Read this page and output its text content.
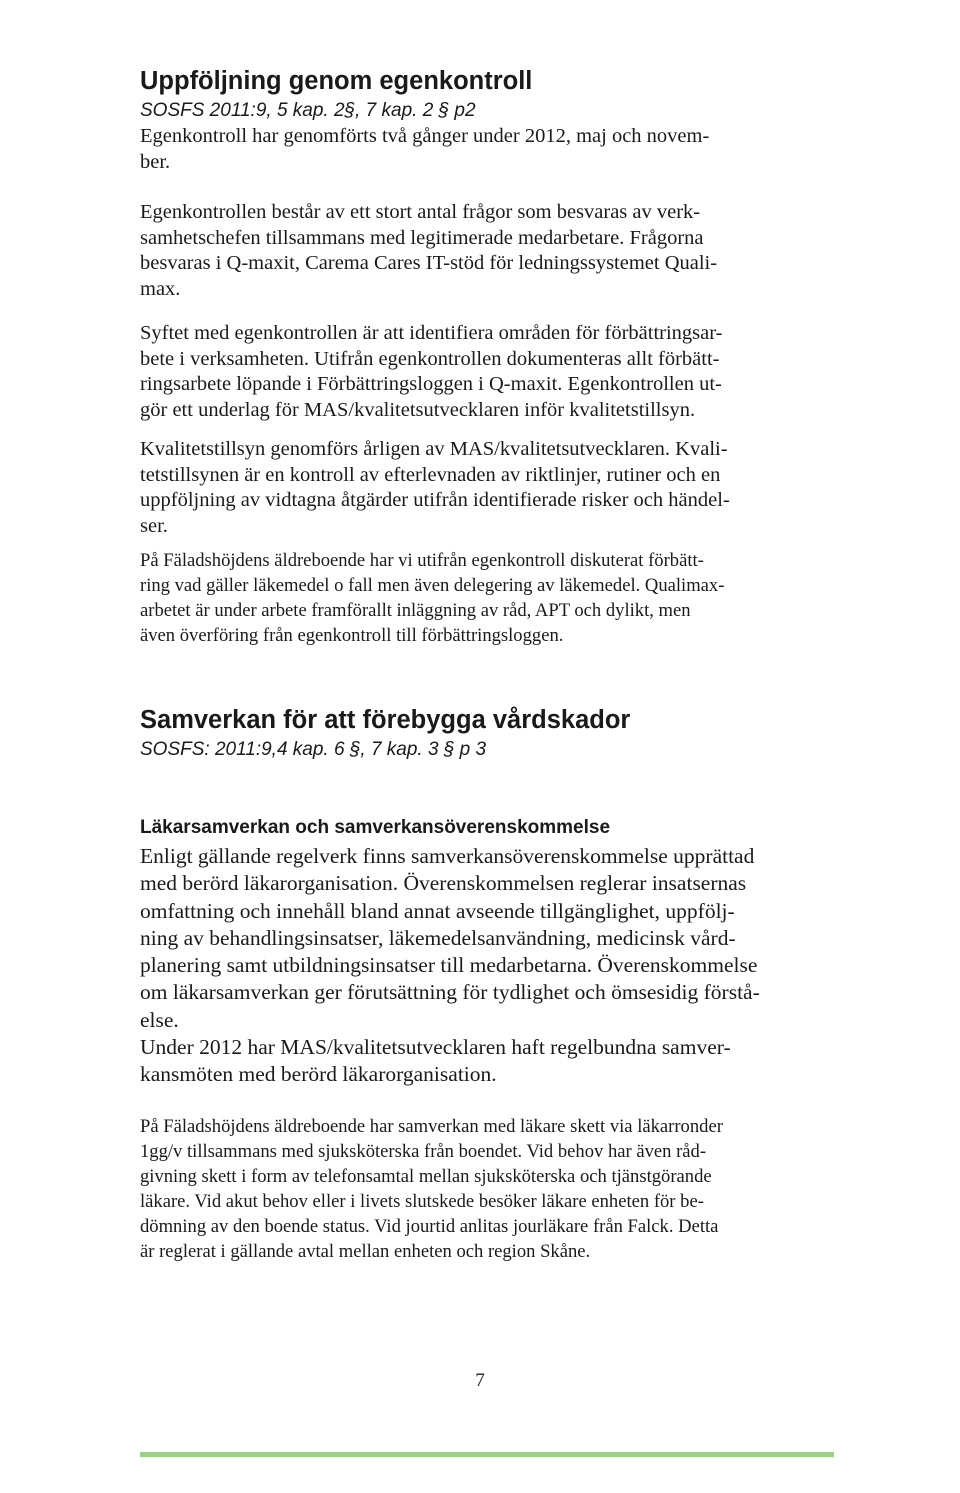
Uppföljning genom egenkontroll

SOSFS 2011:9, 5 kap. 2§, 7 kap. 2 § p2

Egenkontroll har genomförts två gånger under 2012, maj och novem-
ber.

Egenkontrollen består av ett stort antal frågor som besvaras av verk-
samhetschefen tillsammans med legitimerade medarbetare. Frågorna
besvaras i Q-maxit, Carema Cares IT-stöd för ledningssystemet Quali-
max.

Syftet med egenkontrollen är att identifiera områden för förbättringsar-
bete i verksamheten. Utifrån egenkontrollen dokumenteras allt förbätt-
ringsarbete löpande i Förbättringsloggen i Q-maxit. Egenkontrollen ut-
gör ett underlag för MAS/kvalitetsutvecklaren inför kvalitetstillsyn.

Kvalitetstillsyn genomförs årligen av MAS/kvalitetsutvecklaren. Kvali-
tetstillsynen är en kontroll av efterlevnaden av riktlinjer, rutiner och en
uppföljning av vidtagna åtgärder utifrån identifierade risker och händel-
ser.

På Fäladshöjdens äldreboende har vi utifrån egenkontroll diskuterat förbätt-
ring vad gäller läkemedel o fall men även delegering av läkemedel. Qualimax-
arbetet är under arbete framförallt inläggning av råd, APT och dylikt, men
även överföring från egenkontroll till förbättringsloggen.

Samverkan för att förebygga vårdskador

SOSFS: 2011:9,4 kap. 6 §, 7 kap. 3 § p 3

Läkarsamverkan och samverkansöverenskommelse

Enligt gällande regelverk finns samverkansöverenskommelse upprättad
med berörd läkarorganisation. Överenskommelsen reglerar insatsernas
omfattning och innehåll bland annat avseende tillgänglighet, uppfölj-
ning av behandlingsinsatser, läkemedelsanvändning, medicinsk vård-
planering samt utbildningsinsatser till medarbetarna. Överenskommelse
om läkarsamverkan ger förutsättning för tydlighet och ömsesidig förstå-
else.
Under 2012 har MAS/kvalitetsutvecklaren haft regelbundna samver-
kansmöten med berörd läkarorganisation.

På Fäladshöjdens äldreboende har samverkan med läkare skett via läkarronder
1gg/v tillsammans med sjuksköterska från boendet. Vid behov har även råd-
givning skett i form av telefonsamtal mellan sjuksköterska och tjänstgörande
läkare. Vid akut behov eller i livets slutskede besöker läkare enheten för be-
dömning av den boende status. Vid jourtid anlitas jourläkare från Falck. Detta
är reglerat i gällande avtal mellan enheten och region Skåne.

7
